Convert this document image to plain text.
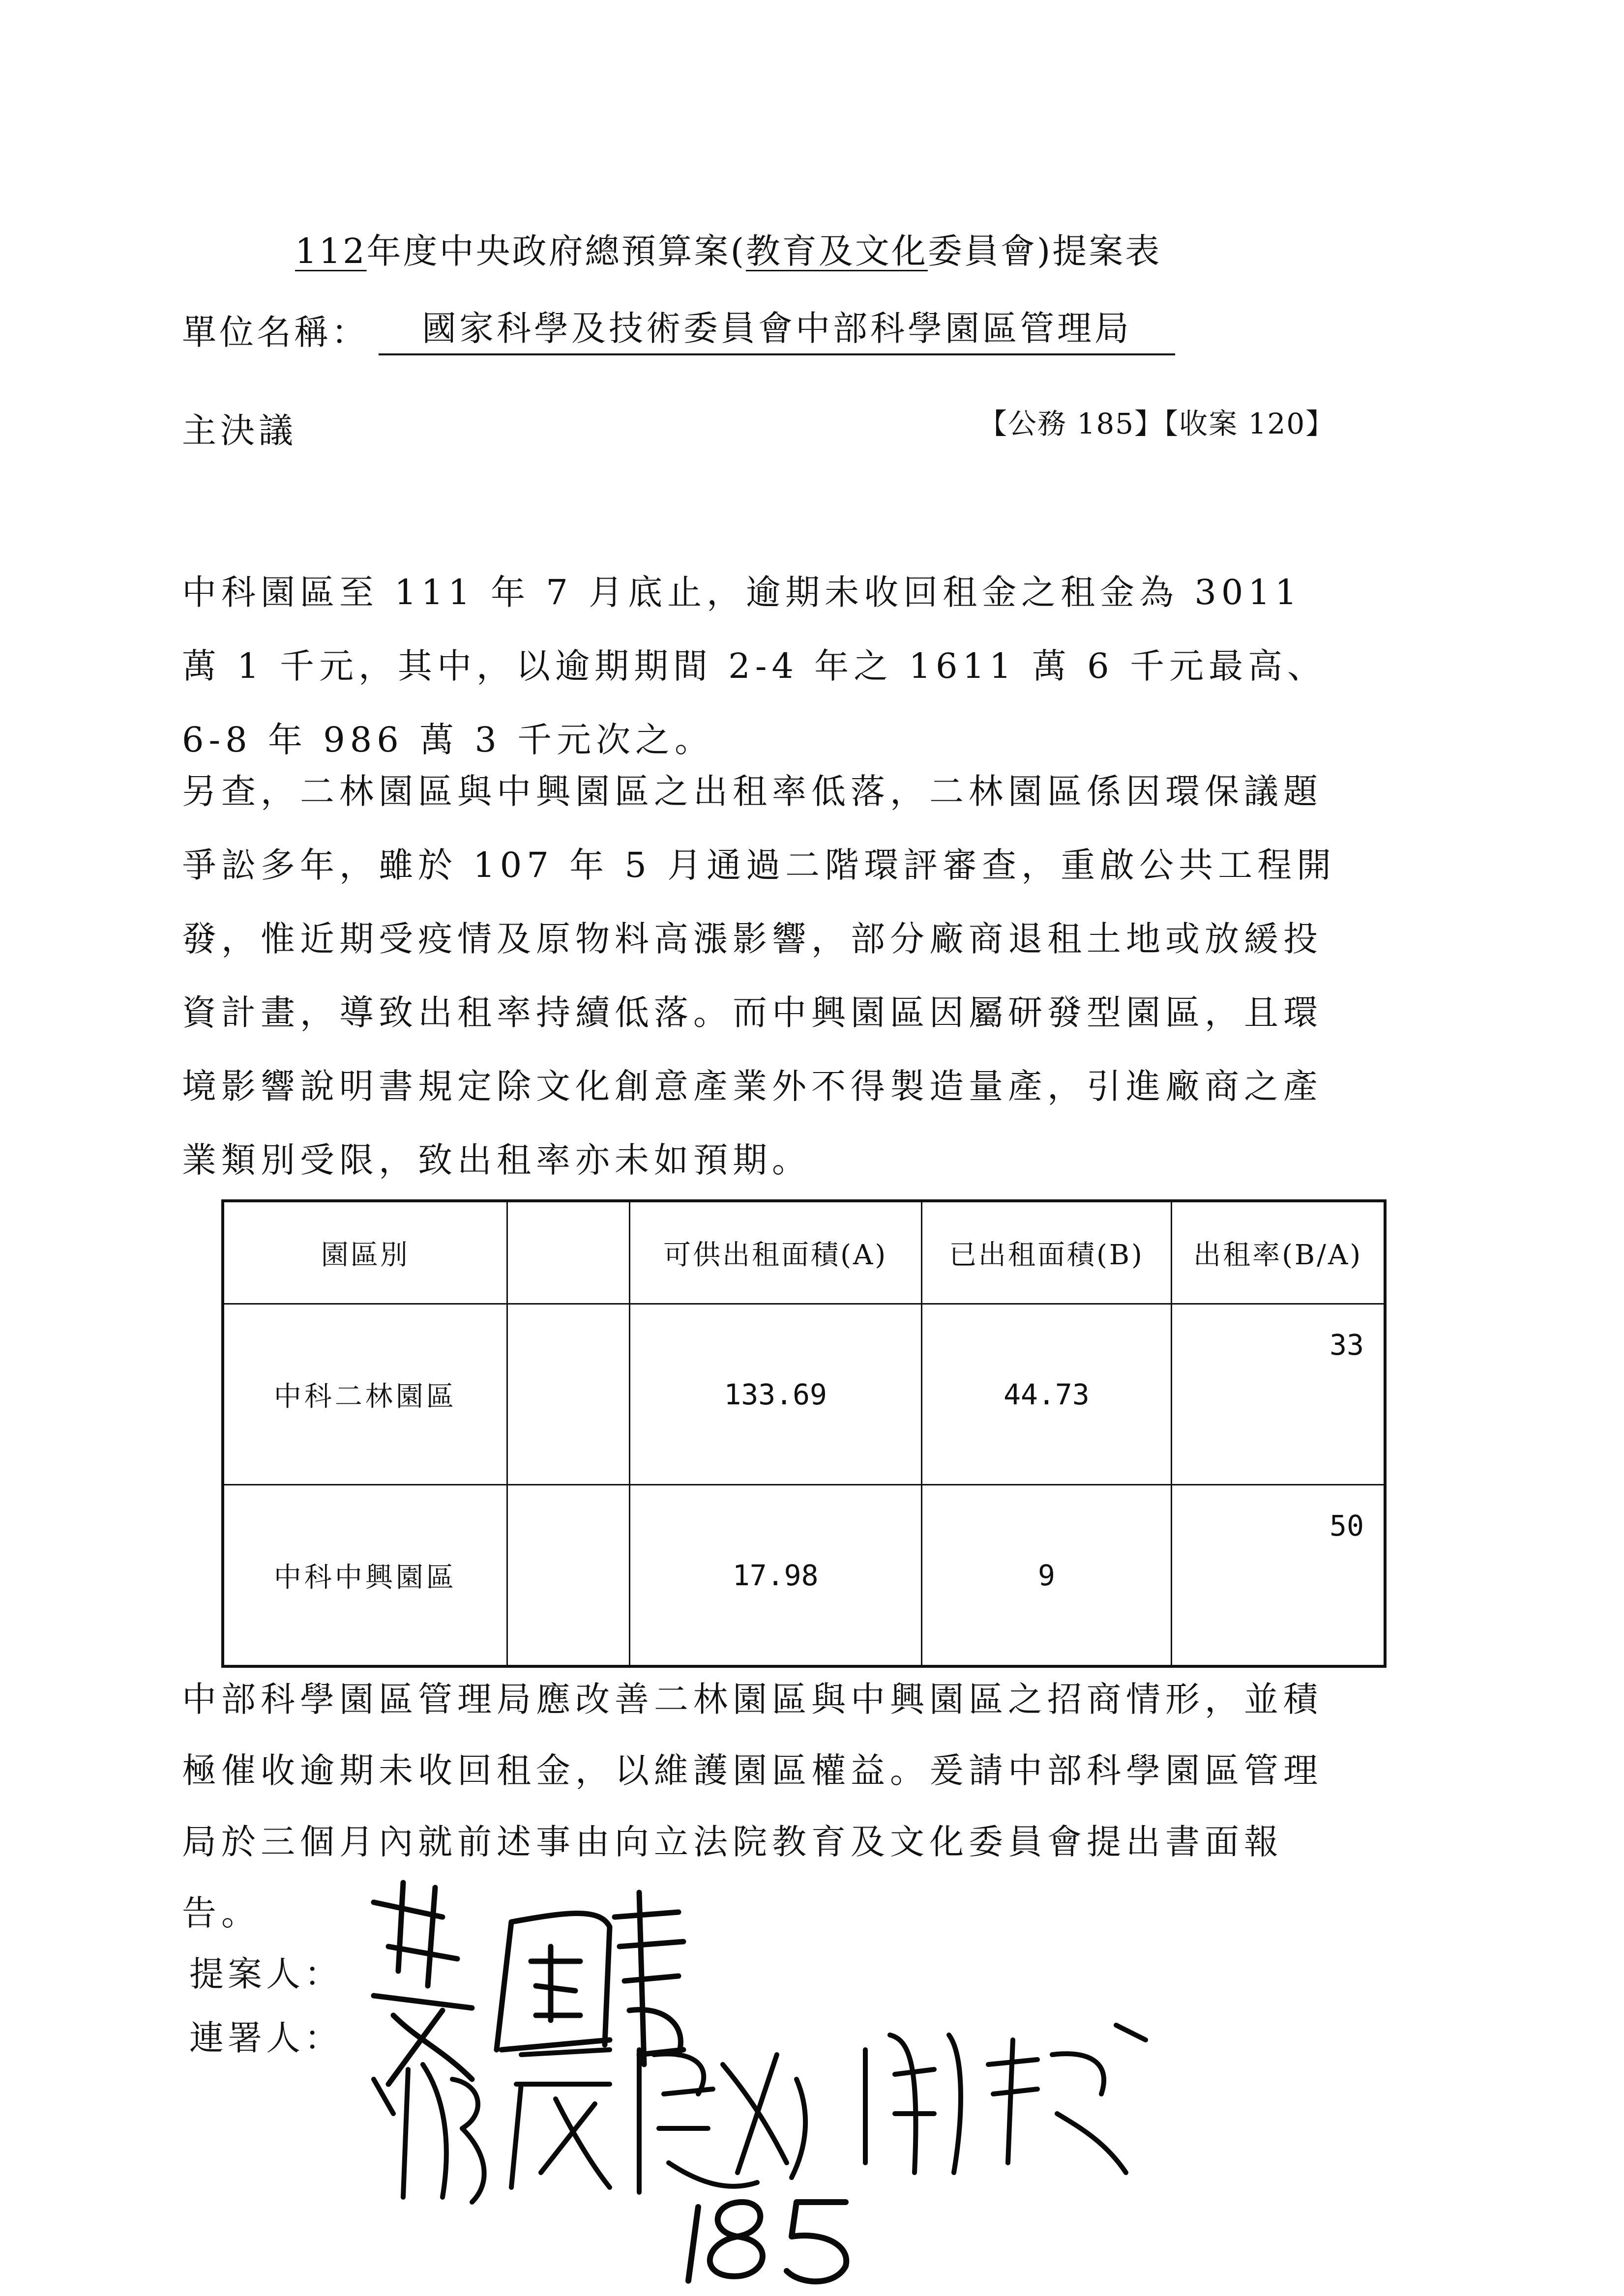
112年度中央政府總預算案(教育及文化委員會)提案表
單位名稱：	國家科學及技術委員會中部科學園區管理局
主決議	【公務 185】【收案 120】
中科園區至 111 年 7 月底止，逾期未收回租金之租金為 3011 萬 1 千元，其中，以逾期期間 2-4 年之 1611 萬 6 千元最高、6-8 年 986 萬 3 千元次之。
另查，二林園區與中興園區之出租率低落，二林園區係因環保議題爭訟多年，雖於 107 年 5 月通過二階環評審查，重啟公共工程開發，惟近期受疫情及原物料高漲影響，部分廠商退租土地或放緩投資計畫，導致出租率持續低落。而中興園區因屬研發型園區，且環境影響說明書規定除文化創意產業外不得製造量產，引進廠商之產業類別受限，致出租率亦未如預期。
園區別		可供出租面積(A)	已出租面積(B)	出租率(B/A)
中科二林園區		133.69	44.73	33

中科中興園區		17.98	9	50
中部科學園區管理局應改善二林園區與中興園區之招商情形，並積極催收逾期未收回租金，以維護園區權益。爰請中部科學園區管理局於三個月內就前述事由向立法院教育及文化委員會提出書面報告。
提案人：
連署人：
